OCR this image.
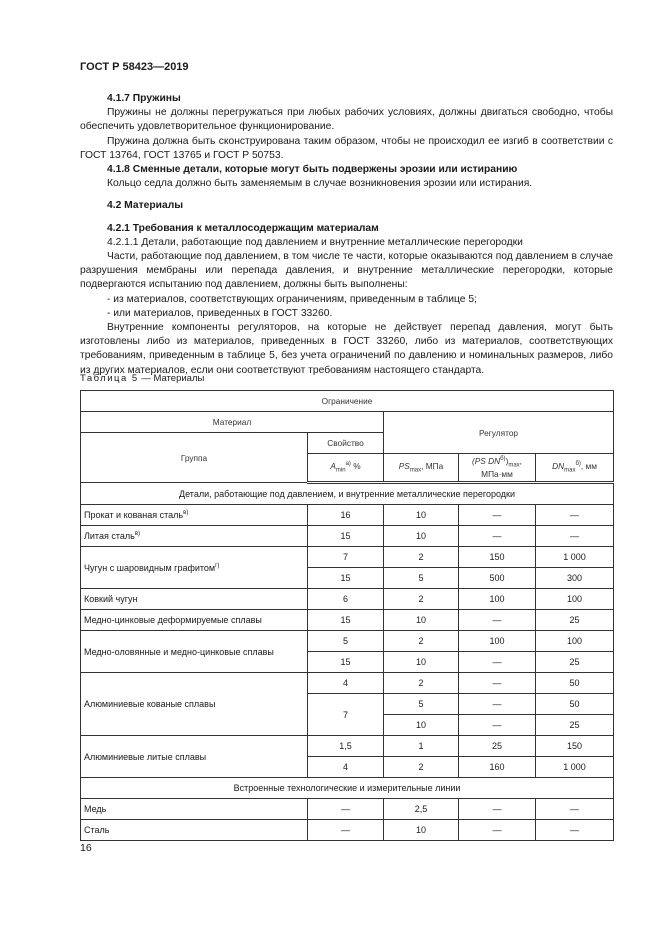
ГОСТ Р 58423—2019
4.1.7 Пружины

Пружины не должны перегружаться при любых рабочих условиях, должны двигаться свободно, чтобы обеспечить удовлетворительное функционирование.

Пружина должна быть сконструирована таким образом, чтобы не происходил ее изгиб в соответствии с ГОСТ 13764, ГОСТ 13765 и ГОСТ Р 50753.

4.1.8 Сменные детали, которые могут быть подвержены эрозии или истиранию

Кольцо седла должно быть заменяемым в случае возникновения эрозии или истирания.

4.2 Материалы
4.2.1 Требования к металлосодержащим материалам

4.2.1.1 Детали, работающие под давлением и внутренние металлические перегородки

Части, работающие под давлением, в том числе те части, которые оказываются под давлением в случае разрушения мембраны или перепада давления, и внутренние металлические перегородки, которые подвергаются испытанию под давлением, должны быть выполнены:

- из материалов, соответствующих ограничениям, приведенным в таблице 5;

- или материалов, приведенных в ГОСТ 33260.

Внутренние компоненты регуляторов, на которые не действует перепад давления, могут быть изготовлены либо из материалов, приведенных в ГОСТ 33260, либо из материалов, соответствующих требованиям, приведенным в таблице 5, без учета ограничений по давлению и номинальных размеров, либо из других материалов, если они соответствуют требованиям настоящего стандарта.

Таблица 5 — Материалы
Ограничение				
Материал		Регулятор		
Группа	Свойство			
	$A_{min}^{а)}$ %	$PS_{max}$, МПа	(PS $DN^{б)})_{max}$, МПа·мм	$DN_{max}^{б)}$, мм
Детали, работающие под давлением, и внутренние металлические перегородки				
Прокат и кованая сталь$^{в)}$	16	10	—	—
Литая сталь$^{в)}$	15	10	—	—
Чугун с шаровидным графитом$^{г)}$	7	2	150	1 000
	15	5	500	300
Ковкий чугун	6	2	100	100
Медно-цинковые деформируемые сплавы	15	10	—	25
Медно-оловянные и медно-цинковые сплавы	5	2	100	100
	15	10	—	25
Алюминиевые кованые сплавы	4	2	—	50
	7	5	—	50
		10	—	25
Алюминиевые литые сплавы	1,5	1	25	150
	4	2	160	1 000
Встроенные технологические и измерительные линии				
Медь	—	2,5	—	—
Сталь	—	10	—	—
16
